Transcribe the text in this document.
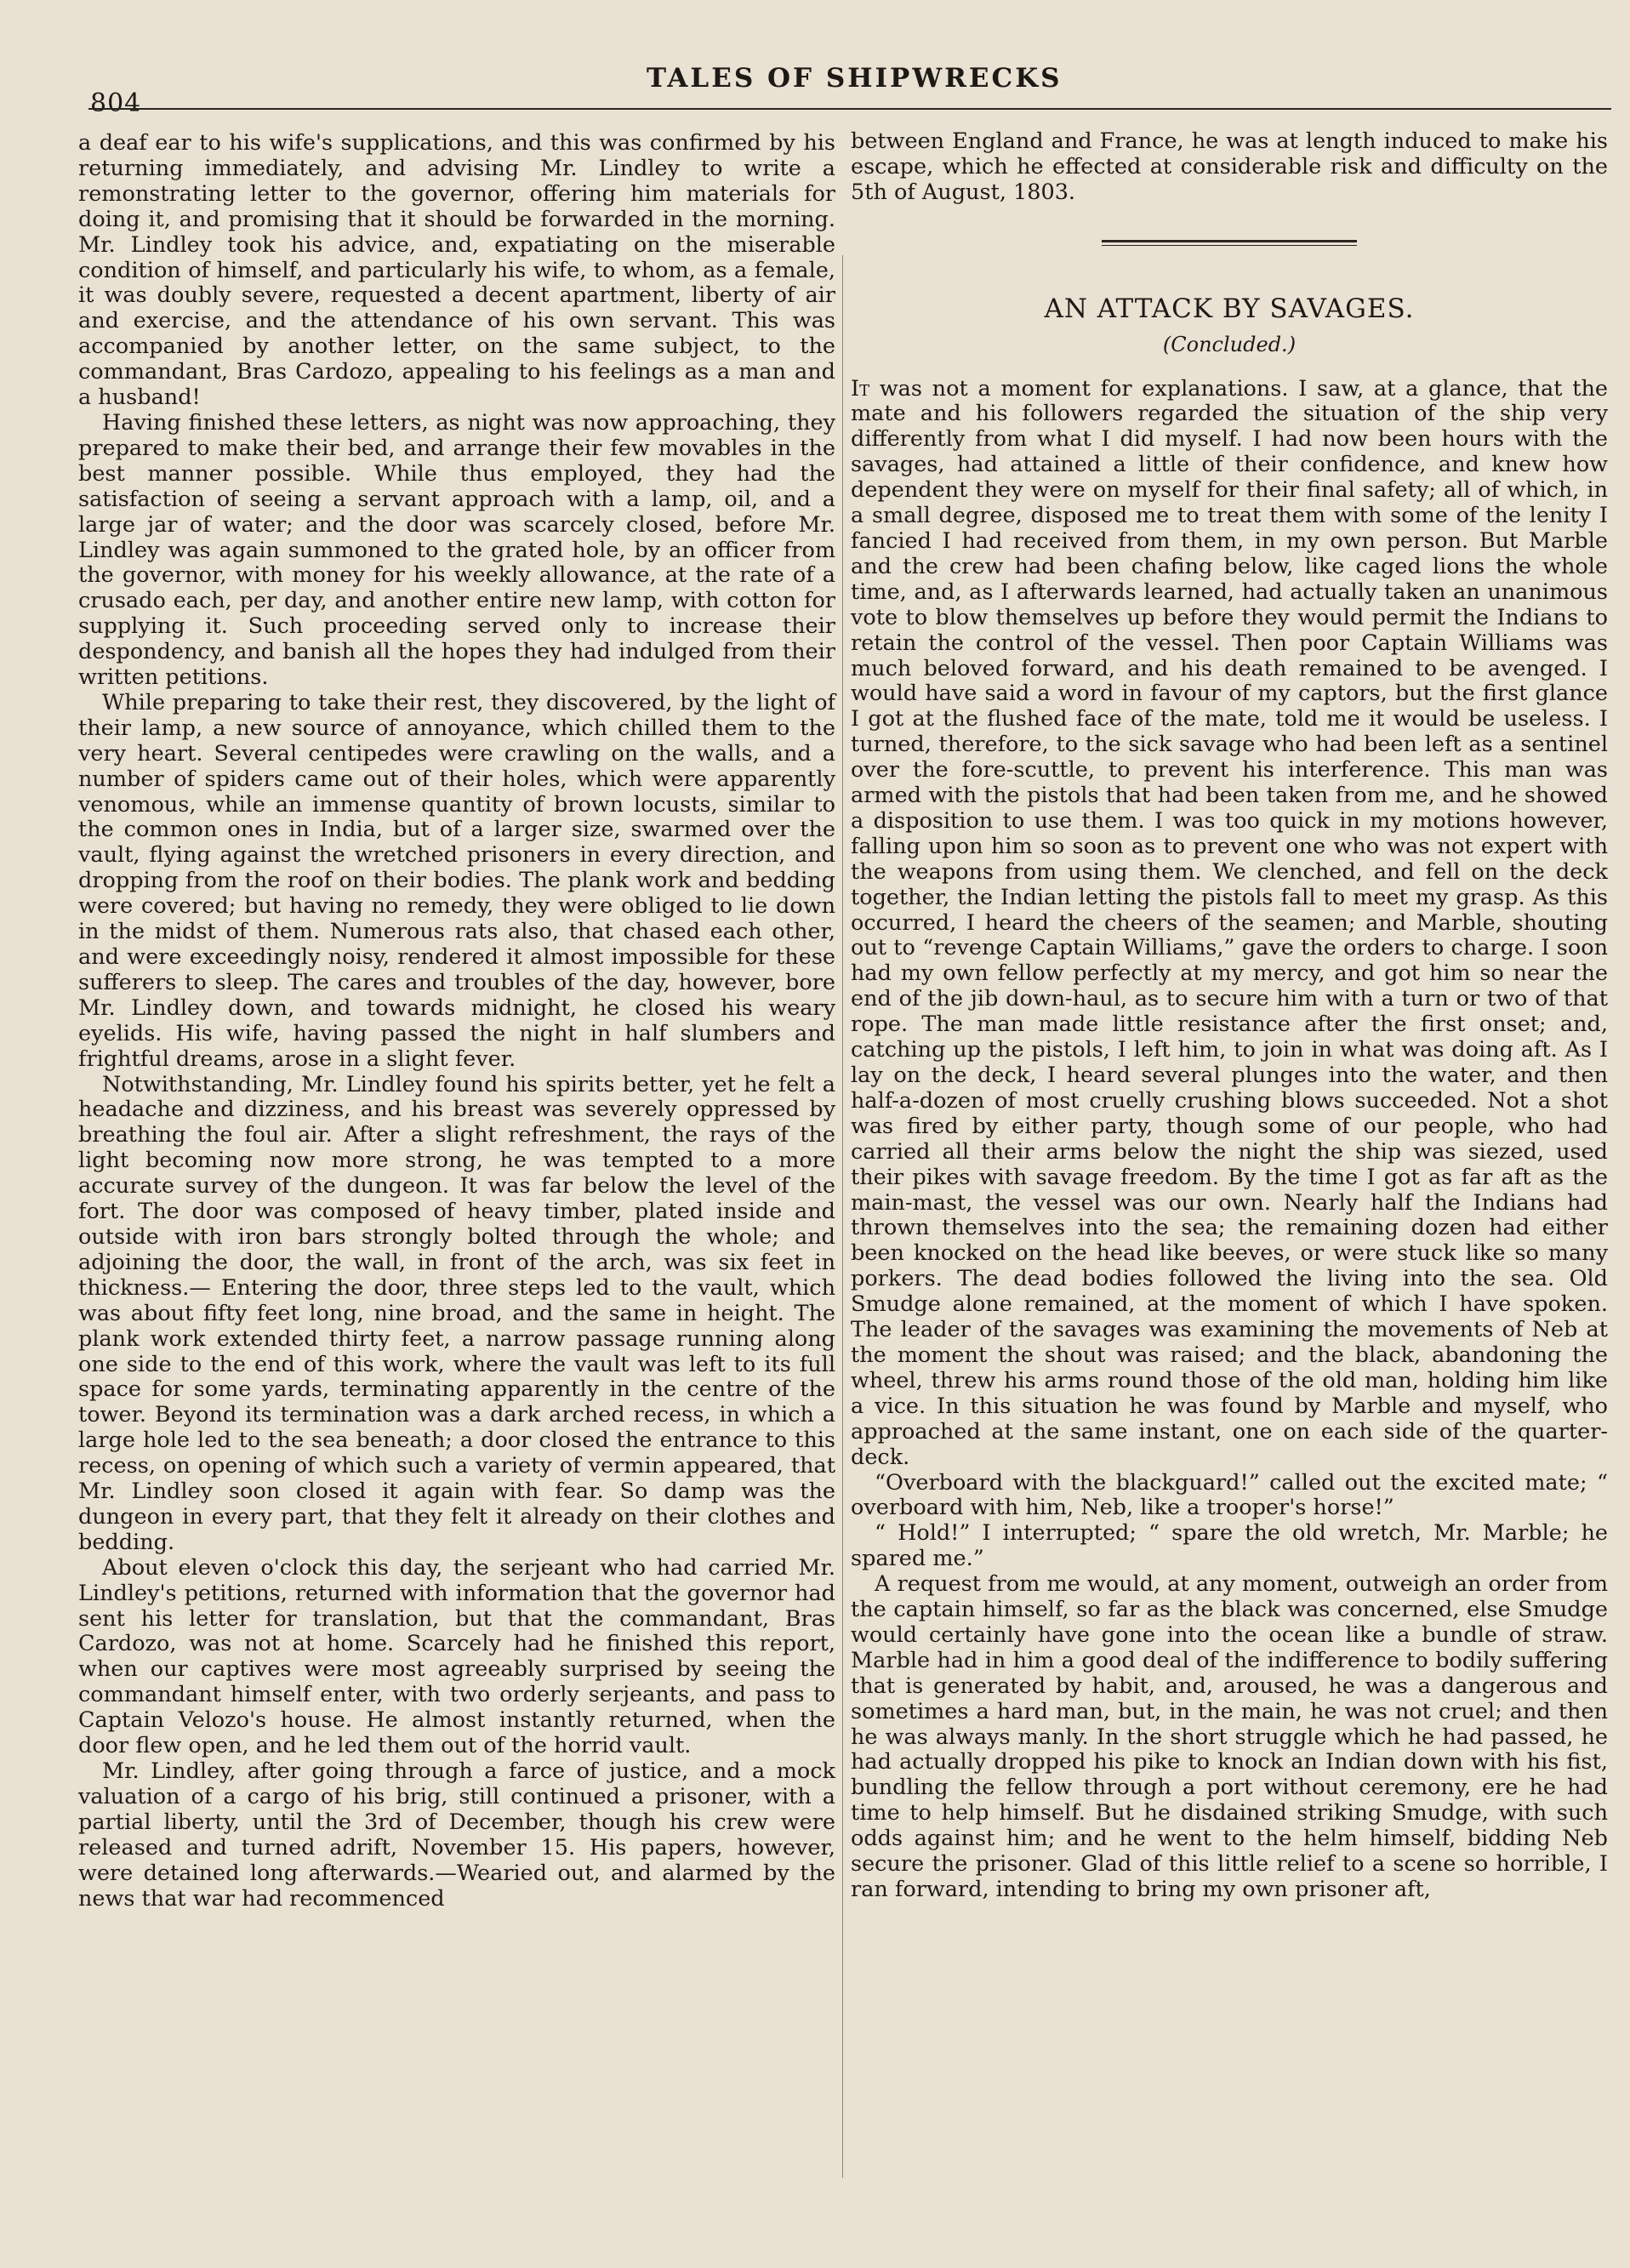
804
TALES OF SHIPWRECKS

a deaf ear to his wife's supplications, and this was confirmed by his returning immediately, and advising Mr. Lindley to write a remonstrating letter to the governor, offering him materials for doing it, and promising that it should be forwarded in the morning. Mr. Lindley took his advice, and, expatiating on the miserable condition of himself, and particularly his wife, to whom, as a female, it was doubly severe, requested a decent apartment, liberty of air and exercise, and the attendance of his own servant. This was accompanied by another letter, on the same subject, to the commandant, Bras Cardozo, appealing to his feelings as a man and a husband!

Having finished these letters, as night was now approaching, they prepared to make their bed, and arrange their few movables in the best manner possible. While thus employed, they had the satisfaction of seeing a servant approach with a lamp, oil, and a large jar of water; and the door was scarcely closed, before Mr. Lindley was again summoned to the grated hole, by an officer from the governor, with money for his weekly allowance, at the rate of a crusado each, per day, and another entire new lamp, with cotton for supplying it. Such proceeding served only to increase their despondency, and banish all the hopes they had indulged from their written petitions.

While preparing to take their rest, they discovered, by the light of their lamp, a new source of annoyance, which chilled them to the very heart. Several centipedes were crawling on the walls, and a number of spiders came out of their holes, which were apparently venomous, while an immense quantity of brown locusts, similar to the common ones in India, but of a larger size, swarmed over the vault, flying against the wretched prisoners in every direction, and dropping from the roof on their bodies. The plank work and bedding were covered; but having no remedy, they were obliged to lie down in the midst of them. Numerous rats also, that chased each other, and were exceedingly noisy, rendered it almost impossible for these sufferers to sleep. The cares and troubles of the day, however, bore Mr. Lindley down, and towards midnight, he closed his weary eyelids. His wife, having passed the night in half slumbers and frightful dreams, arose in a slight fever.

Notwithstanding, Mr. Lindley found his spirits better, yet he felt a headache and dizziness, and his breast was severely oppressed by breathing the foul air. After a slight refreshment, the rays of the light becoming now more strong, he was tempted to a more accurate survey of the dungeon. It was far below the level of the fort. The door was composed of heavy timber, plated inside and outside with iron bars strongly bolted through the whole; and adjoining the door, the wall, in front of the arch, was six feet in thickness.— Entering the door, three steps led to the vault, which was about fifty feet long, nine broad, and the same in height. The plank work extended thirty feet, a narrow passage running along one side to the end of this work, where the vault was left to its full space for some yards, terminating apparently in the centre of the tower. Beyond its termination was a dark arched recess, in which a large hole led to the sea beneath; a door closed the entrance to this recess, on opening of which such a variety of vermin appeared, that Mr. Lindley soon closed it again with fear. So damp was the dungeon in every part, that they felt it already on their clothes and bedding.

About eleven o'clock this day, the serjeant who had carried Mr. Lindley's petitions, returned with information that the governor had sent his letter for translation, but that the commandant, Bras Cardozo, was not at home. Scarcely had he finished this report, when our captives were most agreeably surprised by seeing the commandant himself enter, with two orderly serjeants, and pass to Captain Velozo's house. He almost instantly returned, when the door flew open, and he led them out of the horrid vault.

Mr. Lindley, after going through a farce of justice, and a mock valuation of a cargo of his brig, still continued a prisoner, with a partial liberty, until the 3rd of December, though his crew were released and turned adrift, November 15. His papers, however, were detained long afterwards.—Wearied out, and alarmed by the news that war had recommenced

between England and France, he was at length induced to make his escape, which he effected at considerable risk and difficulty on the 5th of August, 1803.

AN ATTACK BY SAVAGES.
(Concluded.)

It was not a moment for explanations. I saw, at a glance, that the mate and his followers regarded the situation of the ship very differently from what I did myself. I had now been hours with the savages, had attained a little of their confidence, and knew how dependent they were on myself for their final safety; all of which, in a small degree, disposed me to treat them with some of the lenity I fancied I had received from them, in my own person. But Marble and the crew had been chafing below, like caged lions the whole time, and, as I afterwards learned, had actually taken an unanimous vote to blow themselves up before they would permit the Indians to retain the control of the vessel. Then poor Captain Williams was much beloved forward, and his death remained to be avenged. I would have said a word in favour of my captors, but the first glance I got at the flushed face of the mate, told me it would be useless. I turned, therefore, to the sick savage who had been left as a sentinel over the fore-scuttle, to prevent his interference. This man was armed with the pistols that had been taken from me, and he showed a disposition to use them. I was too quick in my motions however, falling upon him so soon as to prevent one who was not expert with the weapons from using them. We clenched, and fell on the deck together, the Indian letting the pistols fall to meet my grasp. As this occurred, I heard the cheers of the seamen; and Marble, shouting out to “revenge Captain Williams,” gave the orders to charge. I soon had my own fellow perfectly at my mercy, and got him so near the end of the jib down-haul, as to secure him with a turn or two of that rope. The man made little resistance after the first onset; and, catching up the pistols, I left him, to join in what was doing aft. As I lay on the deck, I heard several plunges into the water, and then half-a-dozen of most cruelly crushing blows succeeded. Not a shot was fired by either party, though some of our people, who had carried all their arms below the night the ship was siezed, used their pikes with savage freedom. By the time I got as far aft as the main-mast, the vessel was our own. Nearly half the Indians had thrown themselves into the sea; the remaining dozen had either been knocked on the head like beeves, or were stuck like so many porkers. The dead bodies followed the living into the sea. Old Smudge alone remained, at the moment of which I have spoken. The leader of the savages was examining the movements of Neb at the moment the shout was raised; and the black, abandoning the wheel, threw his arms round those of the old man, holding him like a vice. In this situation he was found by Marble and myself, who approached at the same instant, one on each side of the quarter-deck.

“Overboard with the blackguard!” called out the excited mate; “ overboard with him, Neb, like a trooper's horse!”

“ Hold!” I interrupted; “ spare the old wretch, Mr. Marble; he spared me.”

A request from me would, at any moment, outweigh an order from the captain himself, so far as the black was concerned, else Smudge would certainly have gone into the ocean like a bundle of straw. Marble had in him a good deal of the indifference to bodily suffering that is generated by habit, and, aroused, he was a dangerous and sometimes a hard man, but, in the main, he was not cruel; and then he was always manly. In the short struggle which he had passed, he had actually dropped his pike to knock an Indian down with his fist, bundling the fellow through a port without ceremony, ere he had time to help himself. But he disdained striking Smudge, with such odds against him; and he went to the helm himself, bidding Neb secure the prisoner. Glad of this little relief to a scene so horrible, I ran forward, intending to bring my own prisoner aft,
